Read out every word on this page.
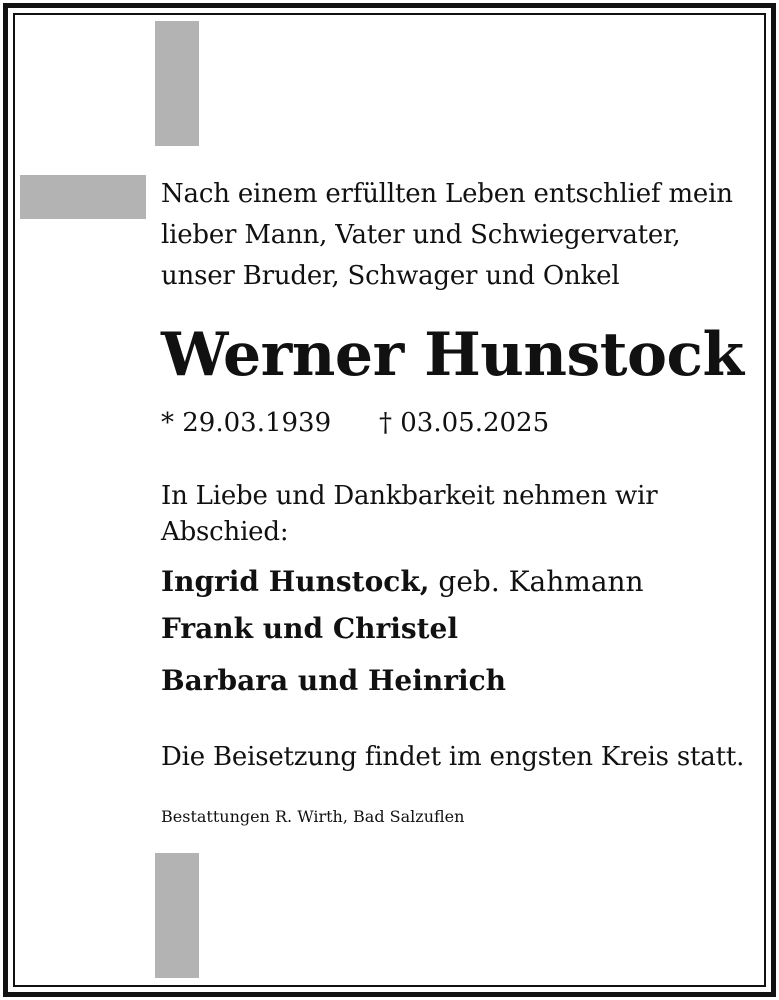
Nach einem erfüllten Leben entschlief mein
lieber Mann, Vater und Schwiegervater,
unser Bruder, Schwager und Onkel
Werner Hunstock
* 29.03.1939 † 03.05.2025
In Liebe und Dankbarkeit nehmen wir
Abschied:
Ingrid Hunstock, geb. Kahmann
Frank und Christel
Barbara und Heinrich
Die Beisetzung findet im engsten Kreis statt.
Bestattungen R. Wirth, Bad Salzuflen
